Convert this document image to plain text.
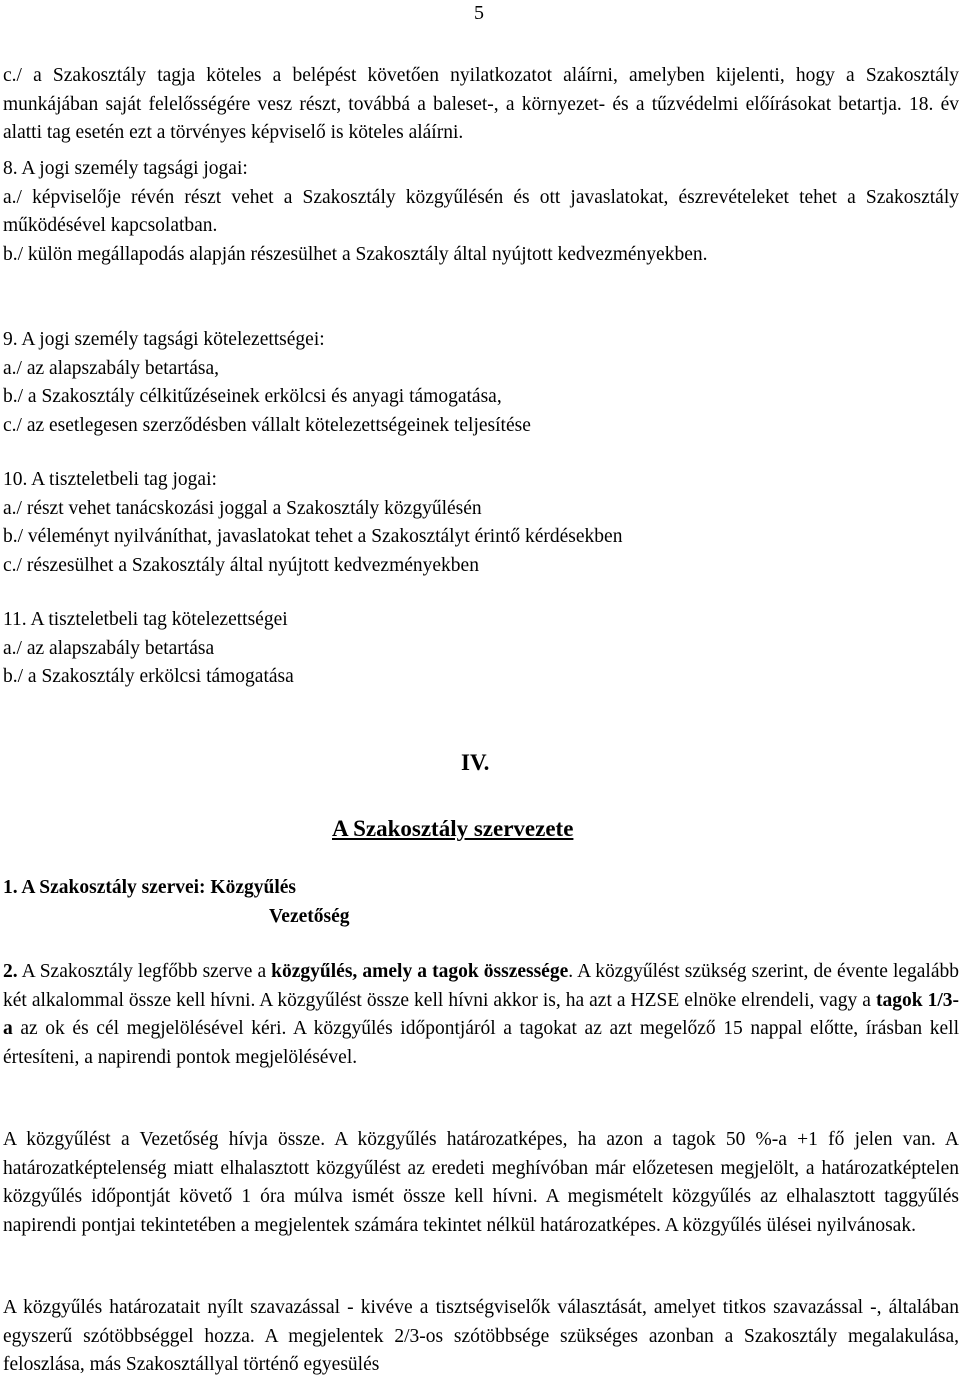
5

c./ a Szakosztály tagja köteles a belépést követően nyilatkozatot aláírni, amelyben kijelenti, hogy a Szakosztály munkájában saját felelősségére vesz részt, továbbá a baleset-, a környezet- és a tűzvédelmi előírásokat betartja. 18. év alatti tag esetén ezt a törvényes képviselő is köteles aláírni.

8. A jogi személy tagsági jogai:
a./ képviselője révén részt vehet a Szakosztály közgyűlésén és ott javaslatokat, észrevételeket tehet a Szakosztály működésével kapcsolatban.
b./ külön megállapodás alapján részesülhet a Szakosztály által nyújtott kedvezményekben.
9. A jogi személy tagsági kötelezettségei:
a./ az alapszabály betartása,
b./ a Szakosztály célkitűzéseinek erkölcsi és anyagi támogatása,
c./ az esetlegesen szerződésben vállalt kötelezettségeinek teljesítése
10. A tiszteletbeli tag jogai:
a./ részt vehet tanácskozási joggal a Szakosztály közgyűlésén
b./ véleményt nyilváníthat, javaslatokat tehet a Szakosztályt érintő kérdésekben
c./ részesülhet a Szakosztály által nyújtott kedvezményekben
11. A tiszteletbeli tag kötelezettségei
a./ az alapszabály betartása
b./ a Szakosztály erkölcsi támogatása
IV.
A Szakosztály szervezete
1. A Szakosztály szervei: Közgyűlés
Vezetőség

2. A Szakosztály legfőbb szerve a közgyűlés, amely a tagok összessége. A közgyűlést szükség szerint, de évente legalább két alkalommal össze kell hívni. A közgyűlést össze kell hívni akkor is, ha azt a HZSE elnöke elrendeli, vagy a tagok 1/3-a az ok és cél megjelölésével kéri. A közgyűlés időpontjáról a tagokat az azt megelőző 15 nappal előtte, írásban kell értesíteni, a napirendi pontok megjelölésével.

A közgyűlést a Vezetőség hívja össze. A közgyűlés határozatképes, ha azon a tagok 50 %-a +1 fő jelen van. A határozatképtelenség miatt elhalasztott közgyűlést az eredeti meghívóban már előzetesen megjelölt, a határozatképtelen közgyűlés időpontját követő 1 óra múlva ismét össze kell hívni. A megismételt közgyűlés az elhalasztott taggyűlés napirendi pontjai tekintetében a megjelentek számára tekintet nélkül határozatképes. A közgyűlés ülései nyilvánosak.

A közgyűlés határozatait nyílt szavazással - kivéve a tisztségviselők választását, amelyet titkos szavazással -, általában egyszerű szótöbbséggel hozza. A megjelentek 2/3-os szótöbbsége szükséges azonban a Szakosztály megalakulása, feloszlása, más Szakosztállyal történő egyesülés
